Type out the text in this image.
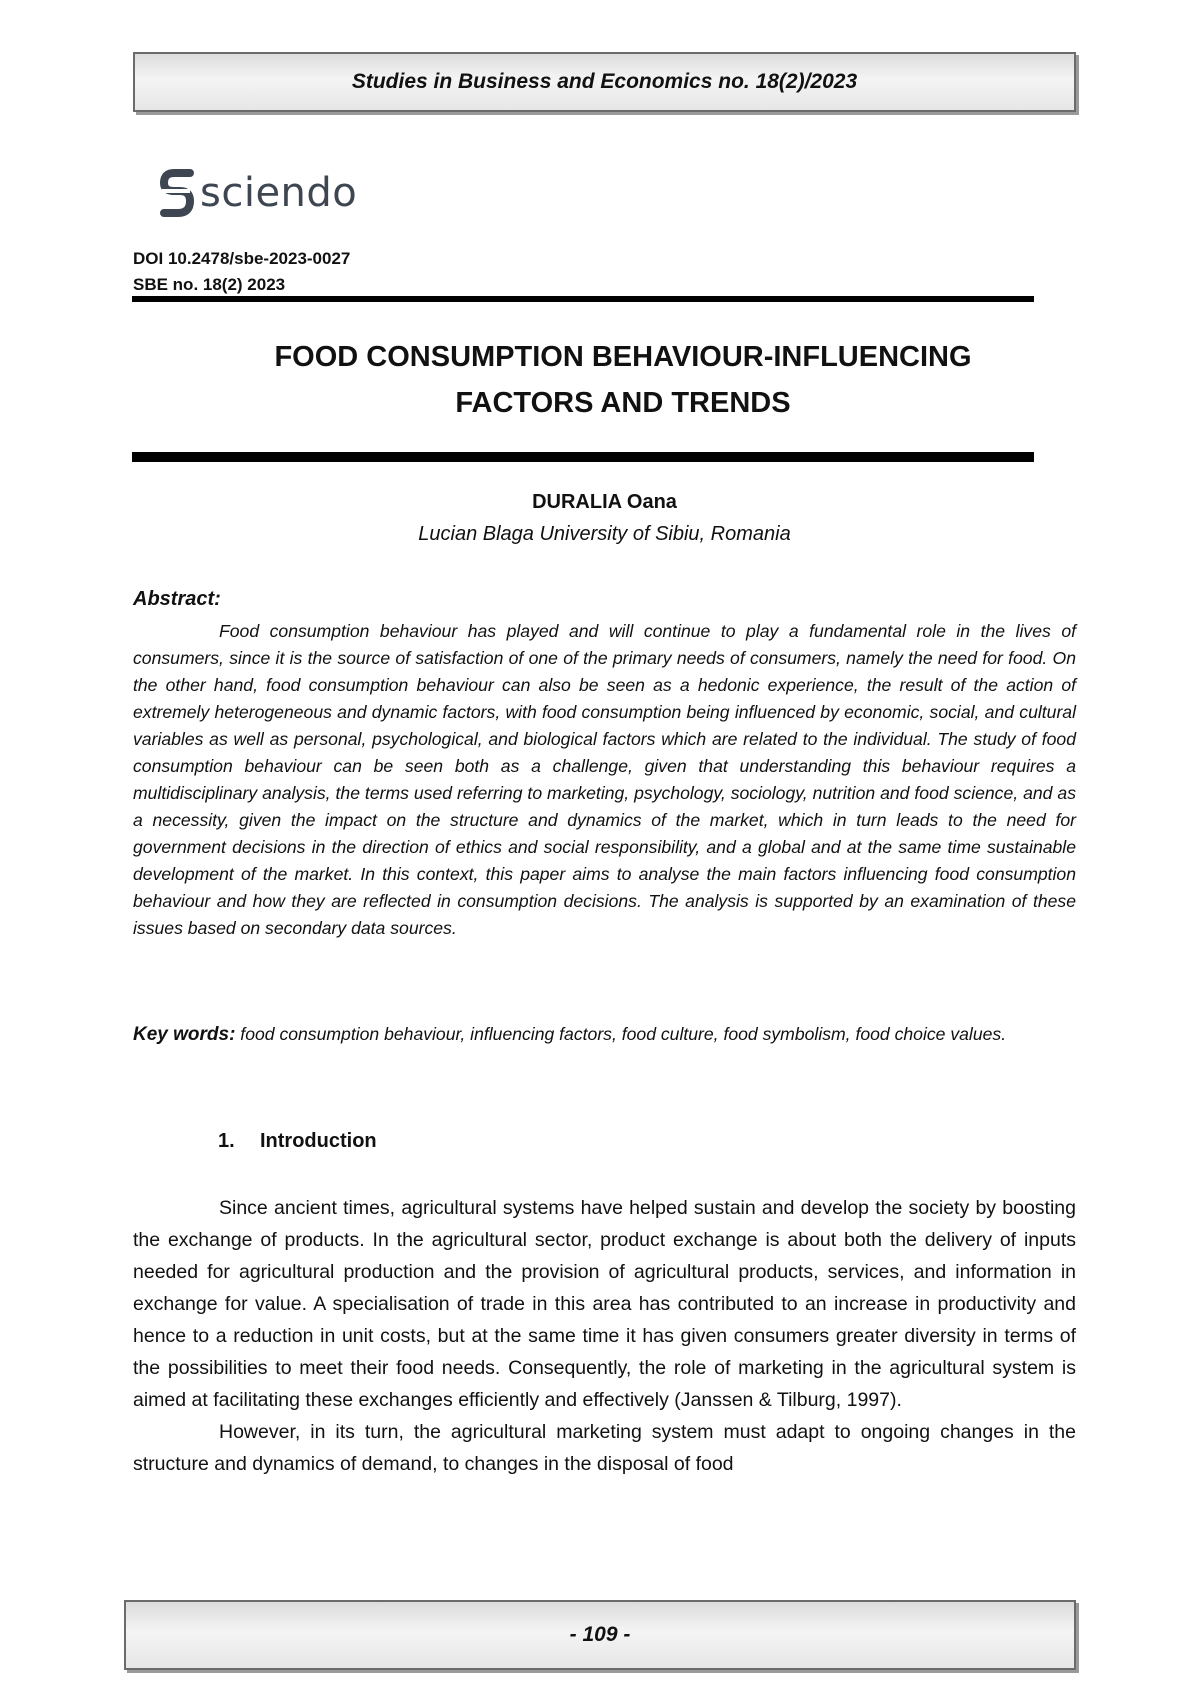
Studies in Business and Economics no. 18(2)/2023
sciendo
DOI 10.2478/sbe-2023-0027
SBE no. 18(2) 2023
FOOD CONSUMPTION BEHAVIOUR-INFLUENCING
FACTORS AND TRENDS
DURALIA Oana
Lucian Blaga University of Sibiu, Romania
Abstract:

Food consumption behaviour has played and will continue to play a fundamental role in the lives of consumers, since it is the source of satisfaction of one of the primary needs of consumers, namely the need for food. On the other hand, food consumption behaviour can also be seen as a hedonic experience, the result of the action of extremely heterogeneous and dynamic factors, with food consumption being influenced by economic, social, and cultural variables as well as personal, psychological, and biological factors which are related to the individual. The study of food consumption behaviour can be seen both as a challenge, given that understanding this behaviour requires a multidisciplinary analysis, the terms used referring to marketing, psychology, sociology, nutrition and food science, and as a necessity, given the impact on the structure and dynamics of the market, which in turn leads to the need for government decisions in the direction of ethics and social responsibility, and a global and at the same time sustainable development of the market. In this context, this paper aims to analyse the main factors influencing food consumption behaviour and how they are reflected in consumption decisions. The analysis is supported by an examination of these issues based on secondary data sources.

Key words: food consumption behaviour, influencing factors, food culture, food symbolism, food choice values.

1. Introduction

Since ancient times, agricultural systems have helped sustain and develop the society by boosting the exchange of products. In the agricultural sector, product exchange is about both the delivery of inputs needed for agricultural production and the provision of agricultural products, services, and information in exchange for value. A specialisation of trade in this area has contributed to an increase in productivity and hence to a reduction in unit costs, but at the same time it has given consumers greater diversity in terms of the possibilities to meet their food needs. Consequently, the role of marketing in the agricultural system is aimed at facilitating these exchanges efficiently and effectively (Janssen & Tilburg, 1997).

However, in its turn, the agricultural marketing system must adapt to ongoing changes in the structure and dynamics of demand, to changes in the disposal of food

- 109 -
